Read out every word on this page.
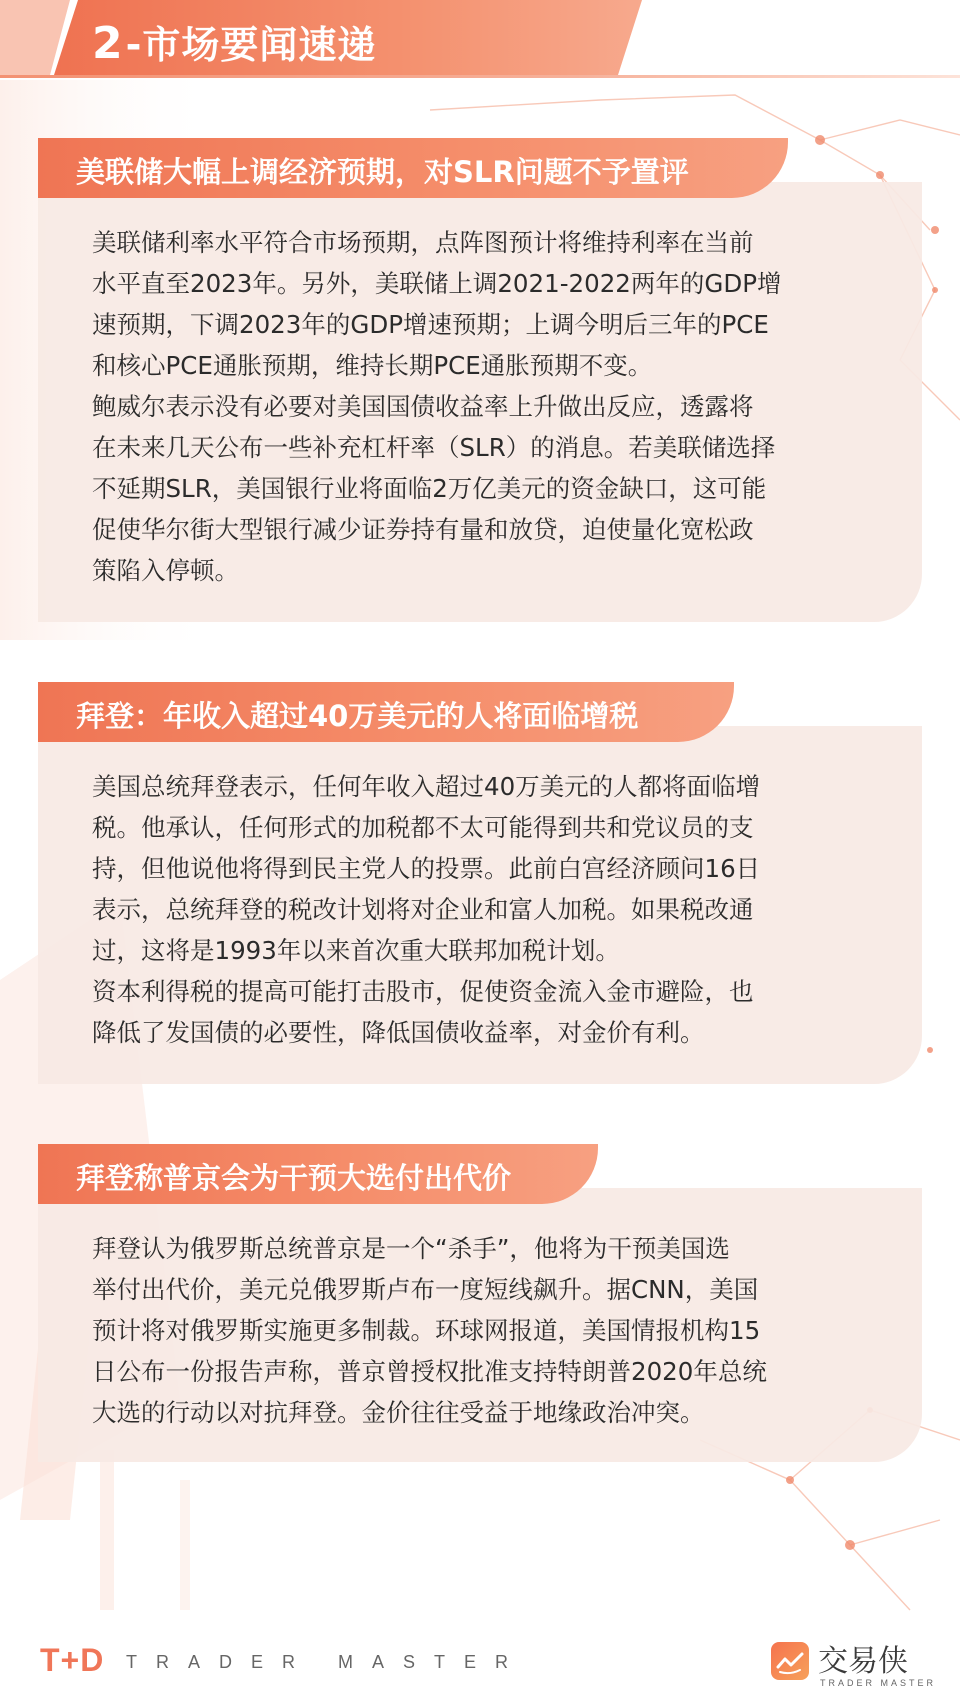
2-市场要闻速递
美联储大幅上调经济预期，对SLR问题不予置评

美联储利率水平符合市场预期，点阵图预计将维持利率在当前
水平直至2023年。另外，美联储上调2021-2022两年的GDP增
速预期，下调2023年的GDP增速预期；上调今明后三年的PCE
和核心PCE通胀预期，维持长期PCE通胀预期不变。
鲍威尔表示没有必要对美国国债收益率上升做出反应，透露将
在未来几天公布一些补充杠杆率（SLR）的消息。若美联储选择
不延期SLR，美国银行业将面临2万亿美元的资金缺口，这可能
促使华尔街大型银行减少证券持有量和放贷，迫使量化宽松政
策陷入停顿。

拜登：年收入超过40万美元的人将面临增税

美国总统拜登表示，任何年收入超过40万美元的人都将面临增
税。他承认，任何形式的加税都不太可能得到共和党议员的支
持，但他说他将得到民主党人的投票。此前白宫经济顾问16日
表示，总统拜登的税改计划将对企业和富人加税。如果税改通
过，这将是1993年以来首次重大联邦加税计划。
资本利得税的提高可能打击股市，促使资金流入金市避险，也
降低了发国债的必要性，降低国债收益率，对金价有利。

拜登称普京会为干预大选付出代价

拜登认为俄罗斯总统普京是一个“杀手”，他将为干预美国选
举付出代价，美元兑俄罗斯卢布一度短线飙升。据CNN，美国
预计将对俄罗斯实施更多制裁。环球网报道，美国情报机构15
日公布一份报告声称，普京曾授权批准支持特朗普2020年总统
大选的行动以对抗拜登。金价往往受益于地缘政治冲突。

T+D TRADER MASTER	交易侠
TRADER MASTER
